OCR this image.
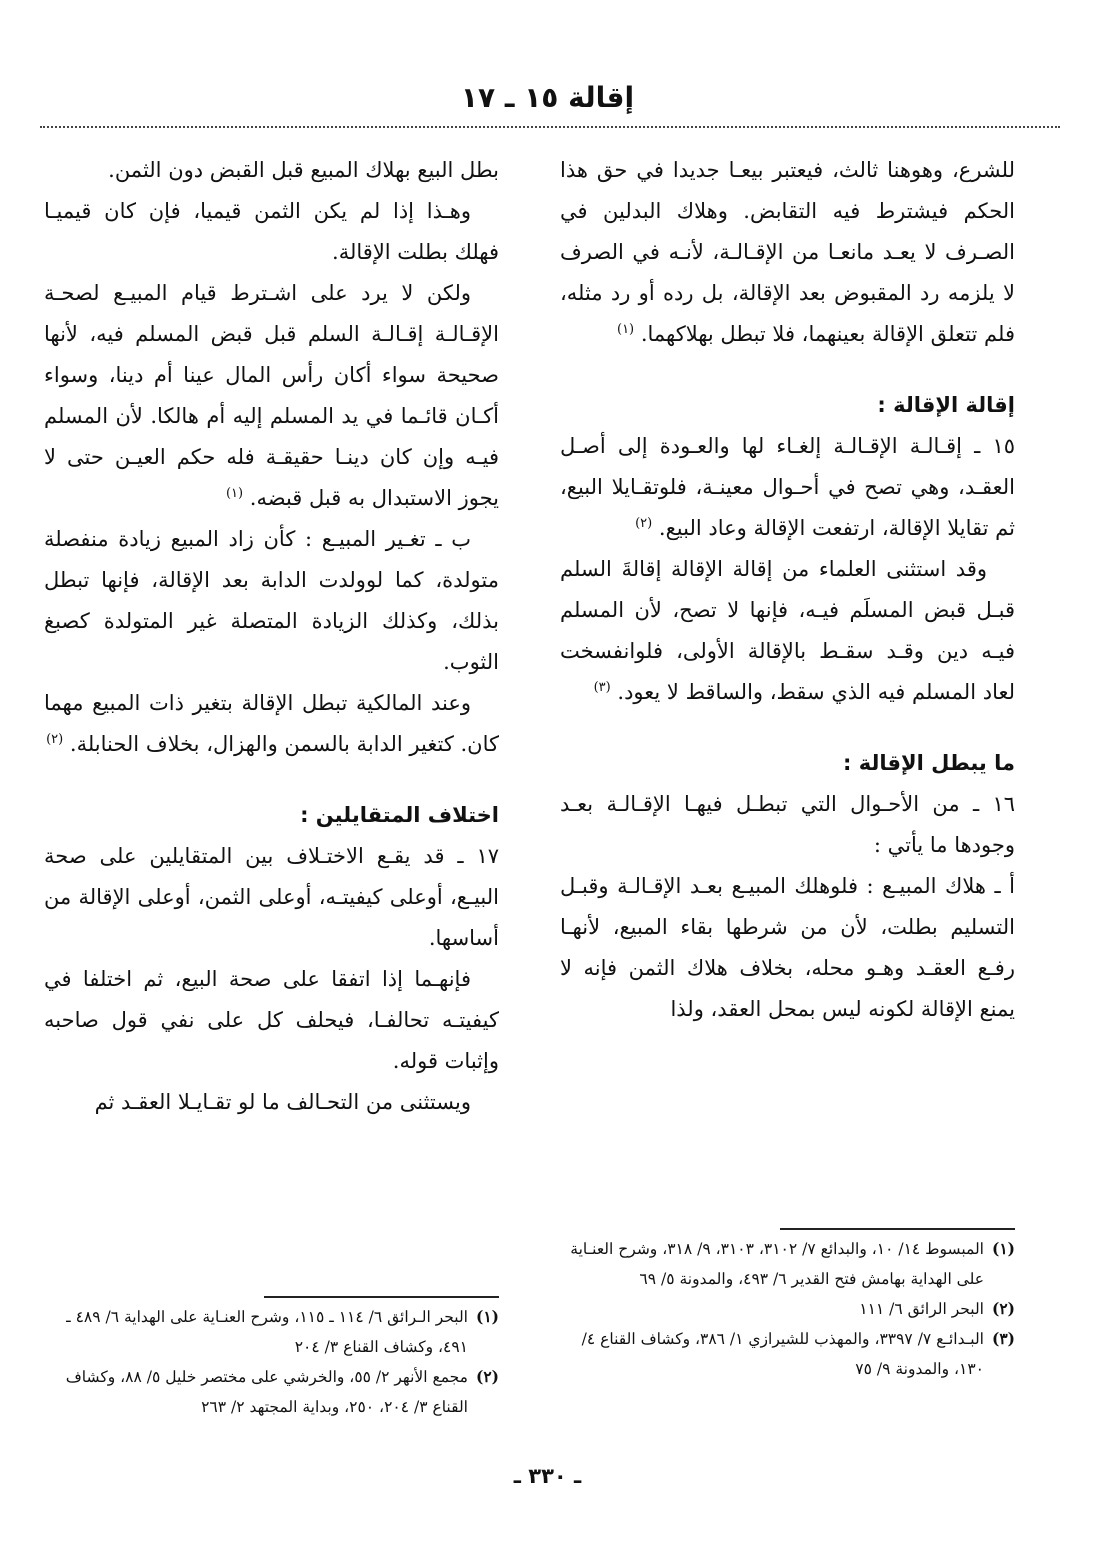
إقالة ١٥ ـ ١٧

للشرع، وهوهنا ثالث، فيعتبر بيعـا جديدا في حق هذا الحكم فيشترط فيه التقابض. وهلاك البدلين في الصـرف لا يعـد مانعـا من الإقـالـة، لأنـه في الصرف لا يلزمه رد المقبوض بعد الإقالة، بل رده أو رد مثله، فلم تتعلق الإقالة بعينهما، فلا تبطل بهلاكهما. $^{(١)}$

إقالة الإقالة :

١٥ ـ إقـالـة الإقـالـة إلغـاء لها والعـودة إلى أصـل العقـد، وهي تصح في أحـوال معينـة، فلوتقـايلا البيع، ثم تقايلا الإقالة، ارتفعت الإقالة وعاد البيع. $^{(٢)}$

وقد استثنى العلماء من إقالة الإقالة إقالةَ السلم قبـل قبض المسلَم فيـه، فإنها لا تصح، لأن المسلم فيـه دين وقـد سقـط بالإقالة الأولى، فلوانفسخت لعاد المسلم فيه الذي سقط، والساقط لا يعود. $^{(٣)}$

ما يبطل الإقالة :

١٦ ـ من الأحـوال التي تبطـل فيهـا الإقـالـة بعـد وجودها ما يأتي :

أ ـ هلاك المبيـع : فلوهلك المبيـع بعـد الإقـالـة وقبـل التسليم بطلت، لأن من شرطها بقاء المبيع، لأنهـا رفـع العقـد وهـو محله، بخلاف هلاك الثمن فإنه لا يمنع الإقالة لكونه ليس بمحل العقد، ولذا

بطل البيع بهلاك المبيع قبل القبض دون الثمن.

وهـذا إذا لم يكن الثمن قيميا، فإن كان قيميـا فهلك بطلت الإقالة.

ولكن لا يرد على اشـترط قيام المبيـع لصحـة الإقـالـة إقـالـة السلم قبل قبض المسلم فيه، لأنها صحيحة سواء أكان رأس المال عينا أم دينا، وسواء أكـان قائـما في يد المسلم إليه أم هالكا. لأن المسلم فيـه وإن كان دينـا حقيقـة فله حكم العيـن حتى لا يجوز الاستبدال به قبل قبضه. $^{(١)}$

ب ـ تغـير المبيـع : كأن زاد المبيع زيادة منفصلة متولدة، كما لوولدت الدابة بعد الإقالة، فإنها تبطل بذلك، وكذلك الزيادة المتصلة غير المتولدة كصبغ الثوب.

وعند المالكية تبطل الإقالة بتغير ذات المبيع مهما كان. كتغير الدابة بالسمن والهزال، بخلاف الحنابلة. $^{(٢)}$

اختلاف المتقايلين :

١٧ ـ قد يقـع الاختـلاف بين المتقايلين على صحة البيـع، أوعلى كيفيتـه، أوعلى الثمن، أوعلى الإقالة من أساسها.

فإنهـما إذا اتفقا على صحة البيع، ثم اختلفا في كيفيتـه تحالفـا، فيحلف كل على نفي قول صاحبه وإثبات قوله.

ويستثنى من التحـالف ما لو تقـايـلا العقـد ثم

(١)
المبسوط ١٤/ ١٠، والبدائع ٧/ ٣١٠٢، ٣١٠٣، ٩/ ٣١٨، وشرح العنـاية على الهداية بهامش فتح القدير ٦/ ٤٩٣، والمدونة ٥/ ٦٩
(٢)
البحر الرائق ٦/ ١١١
(٣)
البـدائـع ٧/ ٣٣٩٧، والمهذب للشيرازي ١/ ٣٨٦، وكشاف القناع ٤/ ١٣٠، والمدونة ٩/ ٧٥
(١)
البحر الـرائق ٦/ ١١٤ ـ ١١٥، وشرح العنـاية على الهداية ٦/ ٤٨٩ ـ ٤٩١، وكشاف القناع ٣/ ٢٠٤
(٢)
مجمع الأنهر ٢/ ٥٥، والخرشي على مختصر خليل ٥/ ٨٨، وكشاف القناع ٣/ ٢٠٤، ٢٥٠، وبداية المجتهد ٢/ ٢٦٣
ـ ٣٣٠ ـ
